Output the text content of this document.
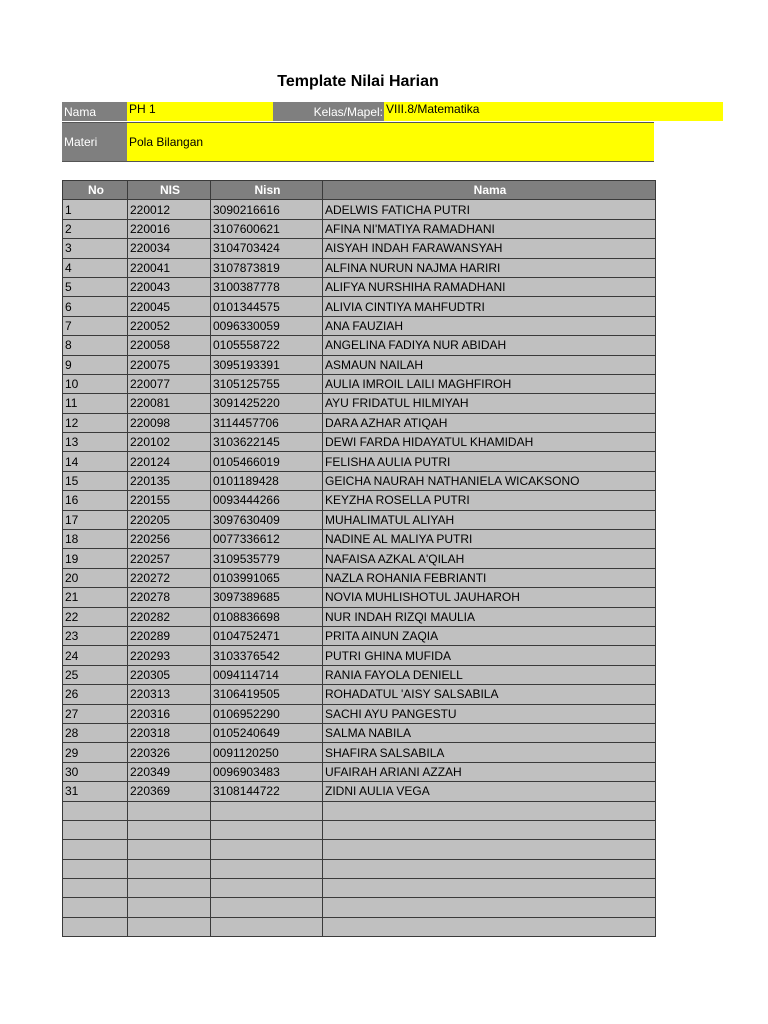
Template Nilai Harian
Nama	PH 1	Kelas/Mapel: VIII.8/Matematika
Materi	Pola Bilangan
No	NIS	Nisn	Nama
1	220012	3090216616	ADELWIS FATICHA PUTRI
2	220016	3107600621	AFINA NI'MATIYA RAMADHANI
3	220034	3104703424	AISYAH INDAH FARAWANSYAH
4	220041	3107873819	ALFINA NURUN NAJMA HARIRI
5	220043	3100387778	ALIFYA NURSHIHA RAMADHANI
6	220045	0101344575	ALIVIA CINTIYA MAHFUDTRI
7	220052	0096330059	ANA FAUZIAH
8	220058	0105558722	ANGELINA FADIYA NUR ABIDAH
9	220075	3095193391	ASMAUN NAILAH
10	220077	3105125755	AULIA IMROIL LAILI MAGHFIROH
11	220081	3091425220	AYU FRIDATUL HILMIYAH
12	220098	3114457706	DARA AZHAR ATIQAH
13	220102	3103622145	DEWI FARDA HIDAYATUL KHAMIDAH
14	220124	0105466019	FELISHA AULIA PUTRI
15	220135	0101189428	GEICHA NAURAH NATHANIELA WICAKSONO
16	220155	0093444266	KEYZHA ROSELLA PUTRI
17	220205	3097630409	MUHALIMATUL ALIYAH
18	220256	0077336612	NADINE AL MALIYA PUTRI
19	220257	3109535779	NAFAISA AZKAL A'QILAH
20	220272	0103991065	NAZLA ROHANIA FEBRIANTI
21	220278	3097389685	NOVIA MUHLISHOTUL JAUHAROH
22	220282	0108836698	NUR INDAH RIZQI MAULIA
23	220289	0104752471	PRITA AINUN ZAQIA
24	220293	3103376542	PUTRI GHINA MUFIDA
25	220305	0094114714	RANIA FAYOLA DENIELL
26	220313	3106419505	ROHADATUL 'AISY SALSABILA
27	220316	0106952290	SACHI AYU PANGESTU
28	220318	0105240649	SALMA NABILA
29	220326	0091120250	SHAFIRA SALSABILA
30	220349	0096903483	UFAIRAH ARIANI AZZAH
31	220369	3108144722	ZIDNI AULIA VEGA
